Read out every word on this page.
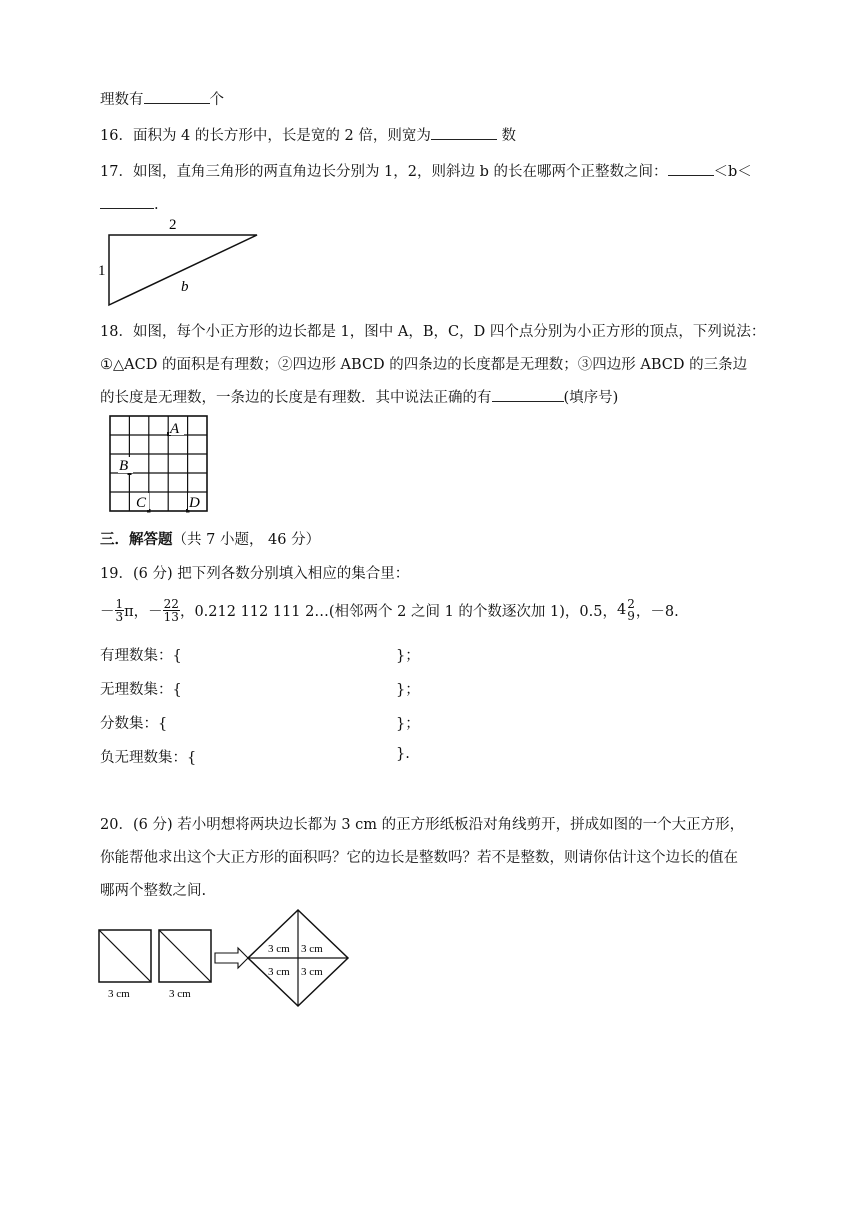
理数有	个
16．面积为 4 的长方形中，长是宽的 2 倍，则宽为	数
17．如图，直角三角形的两直角边长分别为 1，2，则斜边 b 的长在哪两个正整数之间：	＜b＜
.
2
1
b
18．如图，每个小正方形的边长都是 1，图中 A，B，C，D 四个点分别为小正方形的顶点，下列说法：
①△ACD 的面积是有理数；②四边形 ABCD 的四条边的长度都是无理数；③四边形 ABCD 的三条边
的长度是无理数，一条边的长度是有理数．其中说法正确的有	(填序号)
A
B
C	D
三．解答题（共 7 小题， 46 分）
19．(6 分) 把下列各数分别填入相应的集合里：
－ $\frac{1}{3}$ π， － $\frac{22}{13}$ ， 0.212 112 111 2…(相邻两个 2 之间 1 的个数逐次加 1)，0.5， 4 2
9 ，－8.
有理数集：{	}；
无理数集：{	}；
分数集：{	}；
负无理数集：{	}.
20．(6 分) 若小明想将两块边长都为 3 cm 的正方形纸板沿对角线剪开，拼成如图的一个大正方形，
你能帮他求出这个大正方形的面积吗？它的边长是整数吗？若不是整数，则请你估计这个边长的值在
哪两个整数之间.
3 cm	3 cm
3 cm 3 cm
3 cm 3 cm
